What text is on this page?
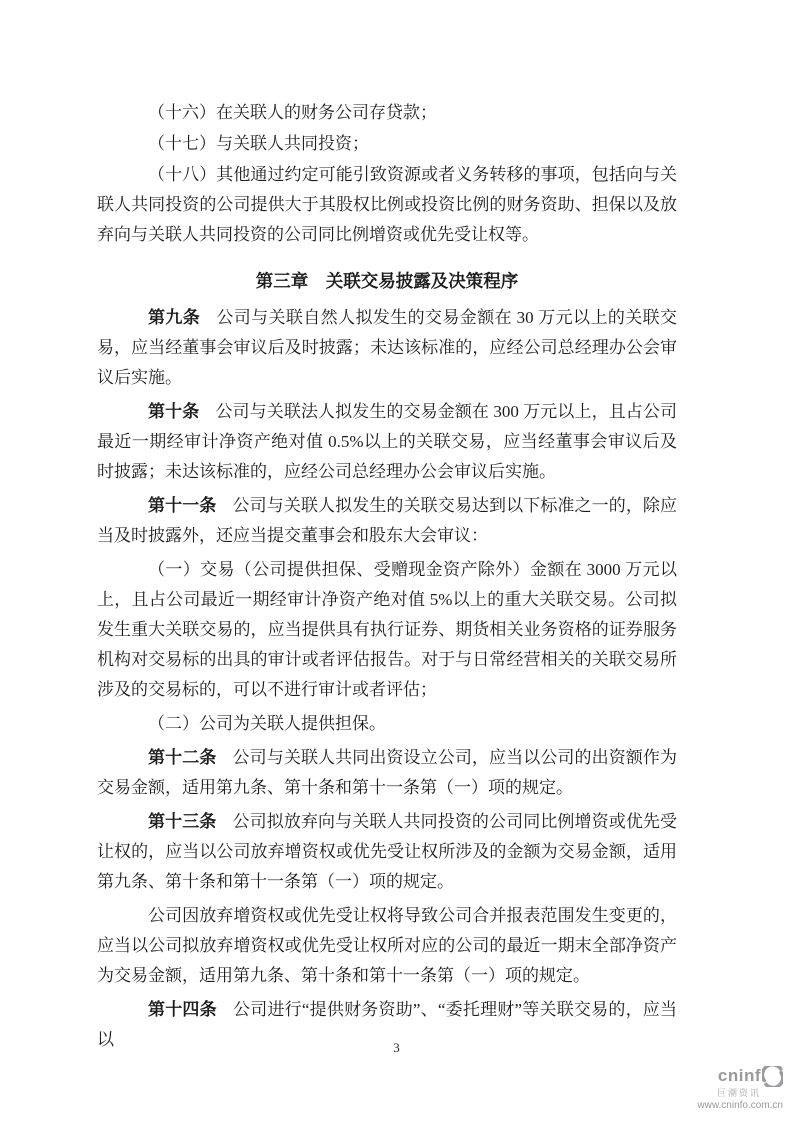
（十六）在关联人的财务公司存贷款；

（十七）与关联人共同投资；

（十八）其他通过约定可能引致资源或者义务转移的事项，包括向与关联人共同投资的公司提供大于其股权比例或投资比例的财务资助、担保以及放弃向与关联人共同投资的公司同比例增资或优先受让权等。

第三章　关联交易披露及决策程序

第九条 公司与关联自然人拟发生的交易金额在 30 万元以上的关联交易，应当经董事会审议后及时披露；未达该标准的，应经公司总经理办公会审议后实施。

第十条 公司与关联法人拟发生的交易金额在 300 万元以上，且占公司最近一期经审计净资产绝对值 0.5%以上的关联交易，应当经董事会审议后及时披露；未达该标准的，应经公司总经理办公会审议后实施。

第十一条 公司与关联人拟发生的关联交易达到以下标准之一的，除应当及时披露外，还应当提交董事会和股东大会审议：

（一）交易（公司提供担保、受赠现金资产除外）金额在 3000 万元以上，且占公司最近一期经审计净资产绝对值 5%以上的重大关联交易。公司拟发生重大关联交易的，应当提供具有执行证券、期货相关业务资格的证券服务机构对交易标的出具的审计或者评估报告。对于与日常经营相关的关联交易所涉及的交易标的，可以不进行审计或者评估；

（二）公司为关联人提供担保。

第十二条 公司与关联人共同出资设立公司，应当以公司的出资额作为交易金额，适用第九条、第十条和第十一条第（一）项的规定。

第十三条 公司拟放弃向与关联人共同投资的公司同比例增资或优先受让权的，应当以公司放弃增资权或优先受让权所涉及的金额为交易金额，适用第九条、第十条和第十一条第（一）项的规定。

公司因放弃增资权或优先受让权将导致公司合并报表范围发生变更的，应当以公司拟放弃增资权或优先受让权所对应的公司的最近一期末全部净资产为交易金额，适用第九条、第十条和第十一条第（一）项的规定。

第十四条 公司进行“提供财务资助”、“委托理财”等关联交易的，应当以	3
cninf
巨潮资讯
www.cninfo.com.cn
